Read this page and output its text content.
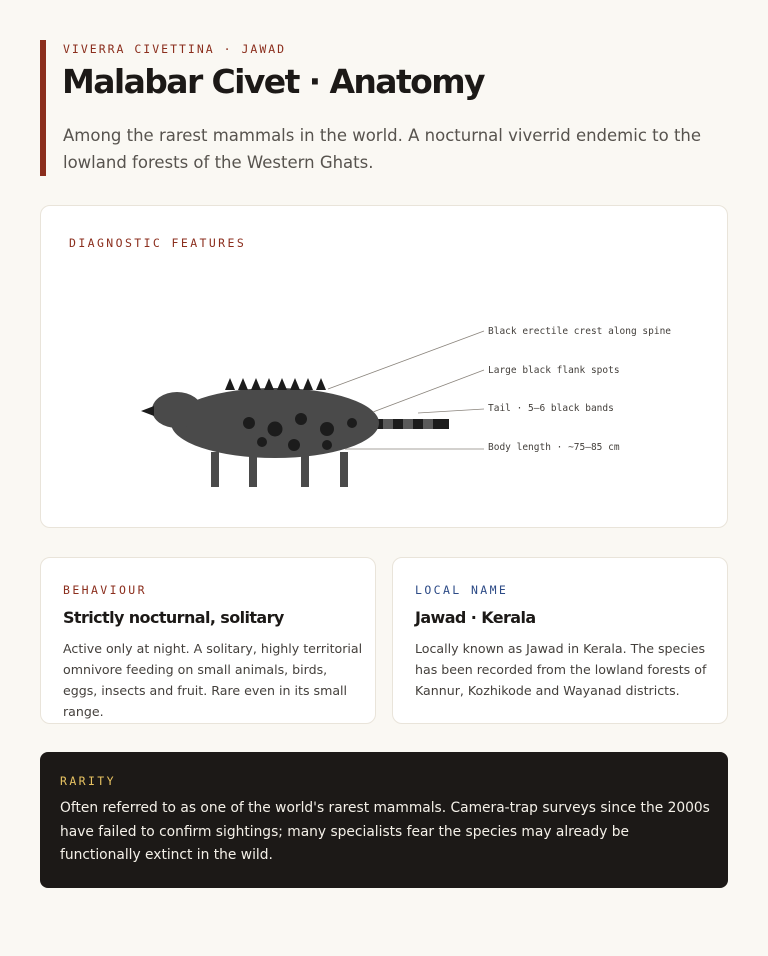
VIVERRA CIVETTINA · JAWAD
Malabar Civet · Anatomy

Among the rarest mammals in the world. A nocturnal viverrid endemic to the lowland forests of the Western Ghats.

Black erectile crest along spine
Large black flank spots
Tail · 5–6 black bands
Body length · ~75–85 cm
DIAGNOSTIC FEATURES
BEHAVIOUR
Strictly nocturnal, solitary

Active only at night. A solitary, highly territorial omnivore feeding on small animals, birds, eggs, insects and fruit. Rare even in its small range.

LOCAL NAME
Jawad · Kerala

Locally known as Jawad in Kerala. The species has been recorded from the lowland forests of Kannur, Kozhikode and Wayanad districts.

RARITY

Often referred to as one of the world's rarest mammals. Camera-trap surveys since the 2000s have failed to confirm sightings; many specialists fear the species may already be functionally extinct in the wild.
